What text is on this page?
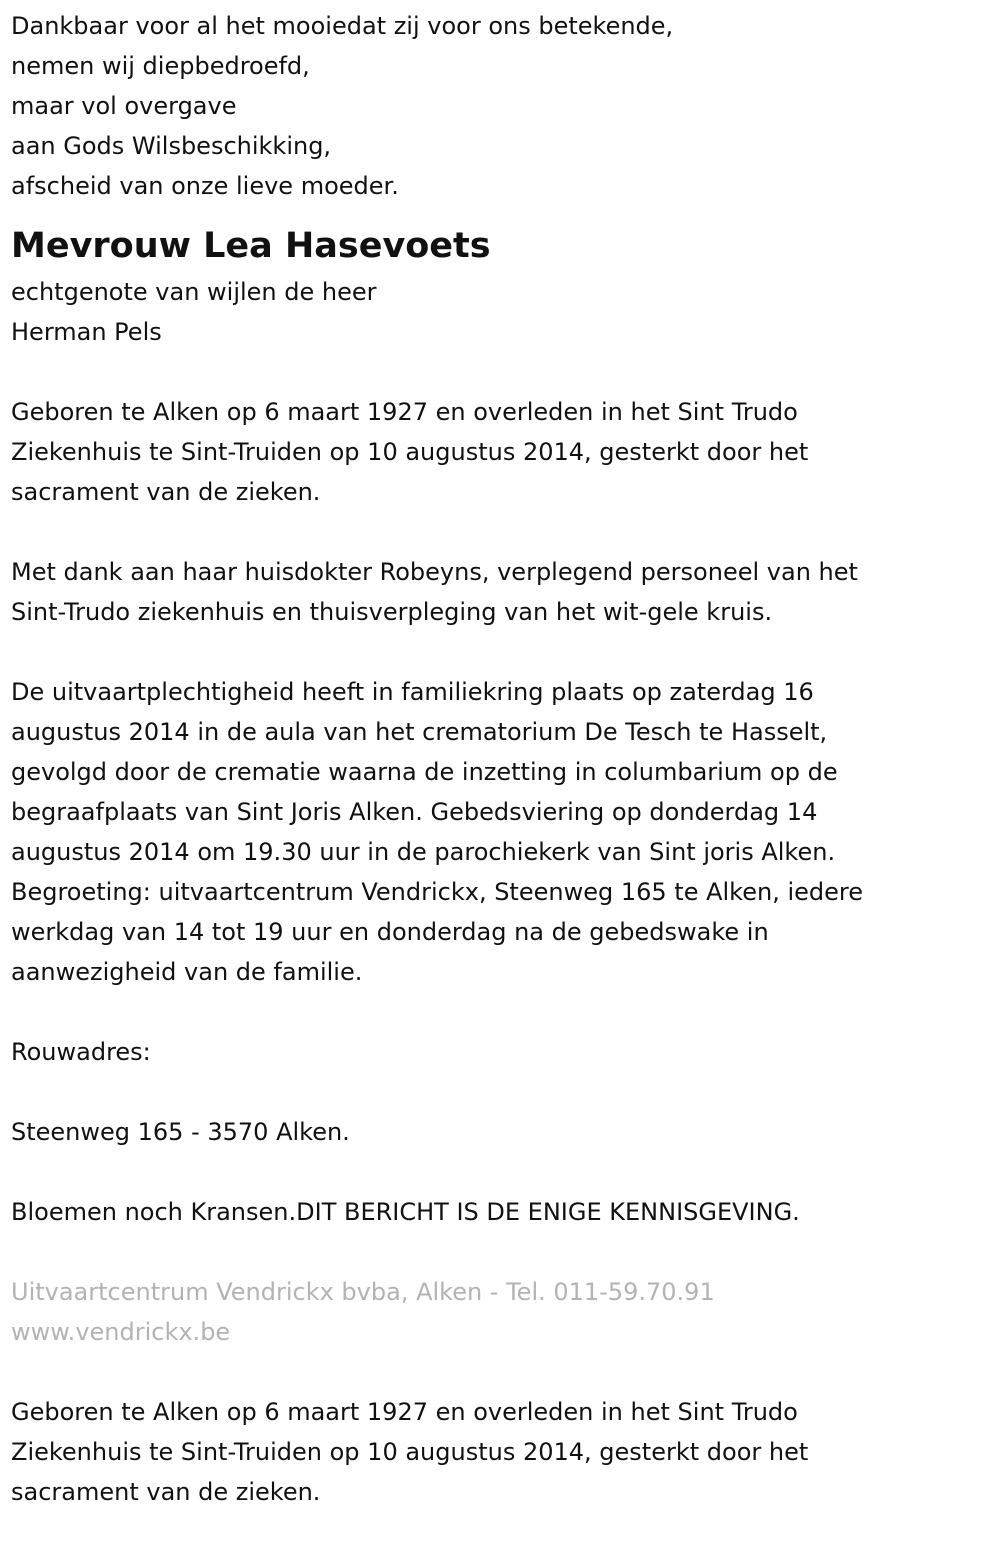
Dankbaar voor al het mooiedat zij voor ons betekende,
nemen wij diepbedroefd,
maar vol overgave
aan Gods Wilsbeschikking,
afscheid van onze lieve moeder.
Mevrouw Lea Hasevoets
echtgenote van wijlen de heer
Herman Pels
Geboren te Alken op 6 maart 1927 en overleden in het Sint Trudo
Ziekenhuis te Sint-Truiden op 10 augustus 2014, gesterkt door het
sacrament van de zieken.
Met dank aan haar huisdokter Robeyns, verplegend personeel van het
Sint-Trudo ziekenhuis en thuisverpleging van het wit-gele kruis.
De uitvaartplechtigheid heeft in familiekring plaats op zaterdag 16
augustus 2014 in de aula van het crematorium De Tesch te Hasselt,
gevolgd door de crematie waarna de inzetting in columbarium op de
begraafplaats van Sint Joris Alken. Gebedsviering op donderdag 14
augustus 2014 om 19.30 uur in de parochiekerk van Sint joris Alken.
Begroeting: uitvaartcentrum Vendrickx, Steenweg 165 te Alken, iedere
werkdag van 14 tot 19 uur en donderdag na de gebedswake in
aanwezigheid van de familie.
Rouwadres:
Steenweg 165 - 3570 Alken.
Bloemen noch Kransen.DIT BERICHT IS DE ENIGE KENNISGEVING.
Uitvaartcentrum Vendrickx bvba, Alken - Tel. 011-59.70.91
www.vendrickx.be
Geboren te Alken op 6 maart 1927 en overleden in het Sint Trudo
Ziekenhuis te Sint-Truiden op 10 augustus 2014, gesterkt door het
sacrament van de zieken.
